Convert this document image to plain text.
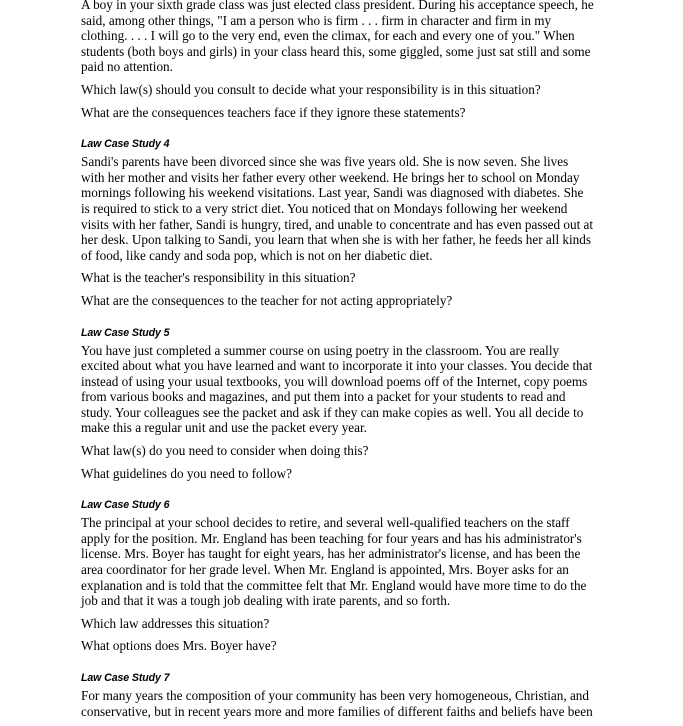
A boy in your sixth grade class was just elected class president. During his acceptance speech, he
said, among other things, "I am a person who is firm . . . firm in character and firm in my
clothing. . . . I will go to the very end, even the climax, for each and every one of you." When
students (both boys and girls) in your class heard this, some giggled, some just sat still and some
paid no attention.

Which law(s) should you consult to decide what your responsibility is in this situation?

What are the consequences teachers face if they ignore these statements?

Law Case Study 4
Sandi's parents have been divorced since she was five years old. She is now seven. She lives
with her mother and visits her father every other weekend. He brings her to school on Monday
mornings following his weekend visitations. Last year, Sandi was diagnosed with diabetes. She
is required to stick to a very strict diet. You noticed that on Mondays following her weekend
visits with her father, Sandi is hungry, tired, and unable to concentrate and has even passed out at
her desk. Upon talking to Sandi, you learn that when she is with her father, he feeds her all kinds
of food, like candy and soda pop, which is not on her diabetic diet.

What is the teacher's responsibility in this situation?

What are the consequences to the teacher for not acting appropriately?

Law Case Study 5
You have just completed a summer course on using poetry in the classroom. You are really
excited about what you have learned and want to incorporate it into your classes. You decide that
instead of using your usual textbooks, you will download poems off of the Internet, copy poems
from various books and magazines, and put them into a packet for your students to read and
study. Your colleagues see the packet and ask if they can make copies as well. You all decide to
make this a regular unit and use the packet every year.

What law(s) do you need to consider when doing this?

What guidelines do you need to follow?

Law Case Study 6
The principal at your school decides to retire, and several well-qualified teachers on the staff
apply for the position. Mr. England has been teaching for four years and has his administrator's
license. Mrs. Boyer has taught for eight years, has her administrator's license, and has been the
area coordinator for her grade level. When Mr. England is appointed, Mrs. Boyer asks for an
explanation and is told that the committee felt that Mr. England would have more time to do the
job and that it was a tough job dealing with irate parents, and so forth.

Which law addresses this situation?

What options does Mrs. Boyer have?

Law Case Study 7
For many years the composition of your community has been very homogeneous, Christian, and
conservative, but in recent years more and more families of different faiths and beliefs have been
